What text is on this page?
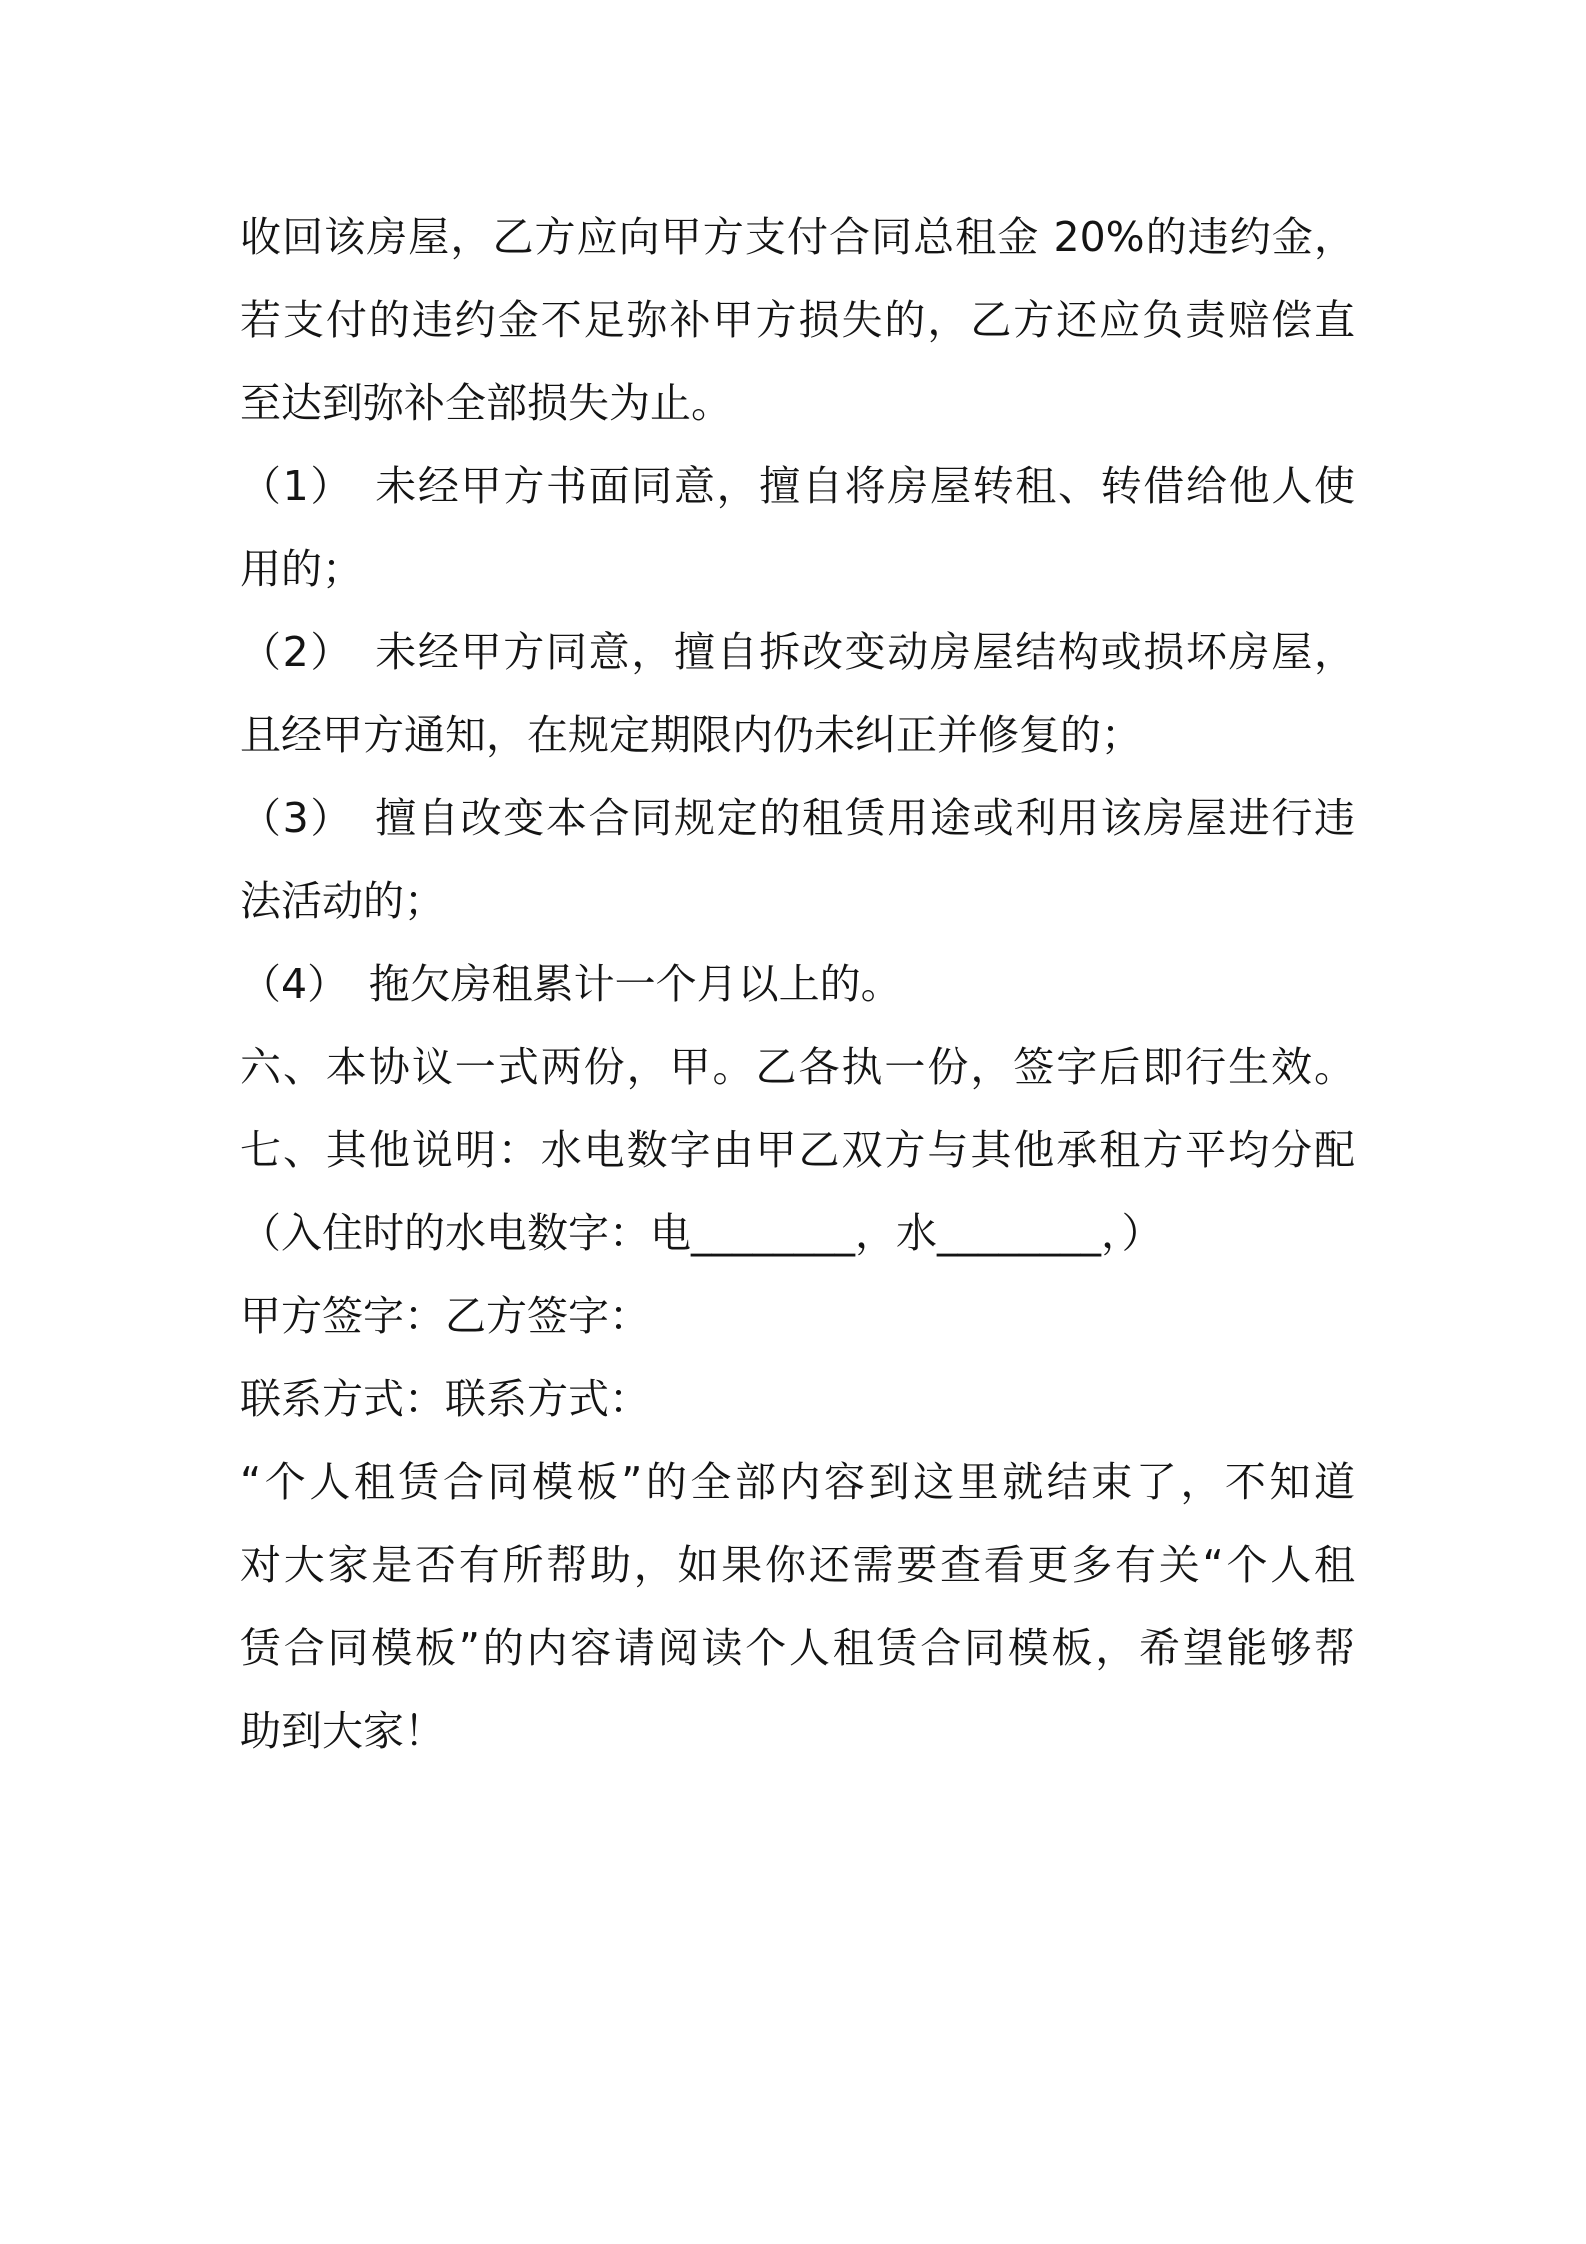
收回该房屋，乙方应向甲方支付合同总租金 20%的违约金，
若支付的违约金不足弥补甲方损失的，乙方还应负责赔偿直
至达到弥补全部损失为止。
（1）　未经甲方书面同意，擅自将房屋转租、转借给他人使
用的；
（2）　未经甲方同意，擅自拆改变动房屋结构或损坏房屋，
且经甲方通知，在规定期限内仍未纠正并修复的；
（3）　擅自改变本合同规定的租赁用途或利用该房屋进行违
法活动的；
（4）　拖欠房租累计一个月以上的。
六、本协议一式两份，甲。乙各执一份，签字后即行生效。
七、其他说明：水电数字由甲乙双方与其他承租方平均分配
（入住时的水电数字：电________，水________，）
甲方签字：乙方签字：
联系方式：联系方式：
“个人租赁合同模板”的全部内容到这里就结束了，不知道
对大家是否有所帮助，如果你还需要查看更多有关“个人租
赁合同模板”的内容请阅读个人租赁合同模板，希望能够帮
助到大家！
